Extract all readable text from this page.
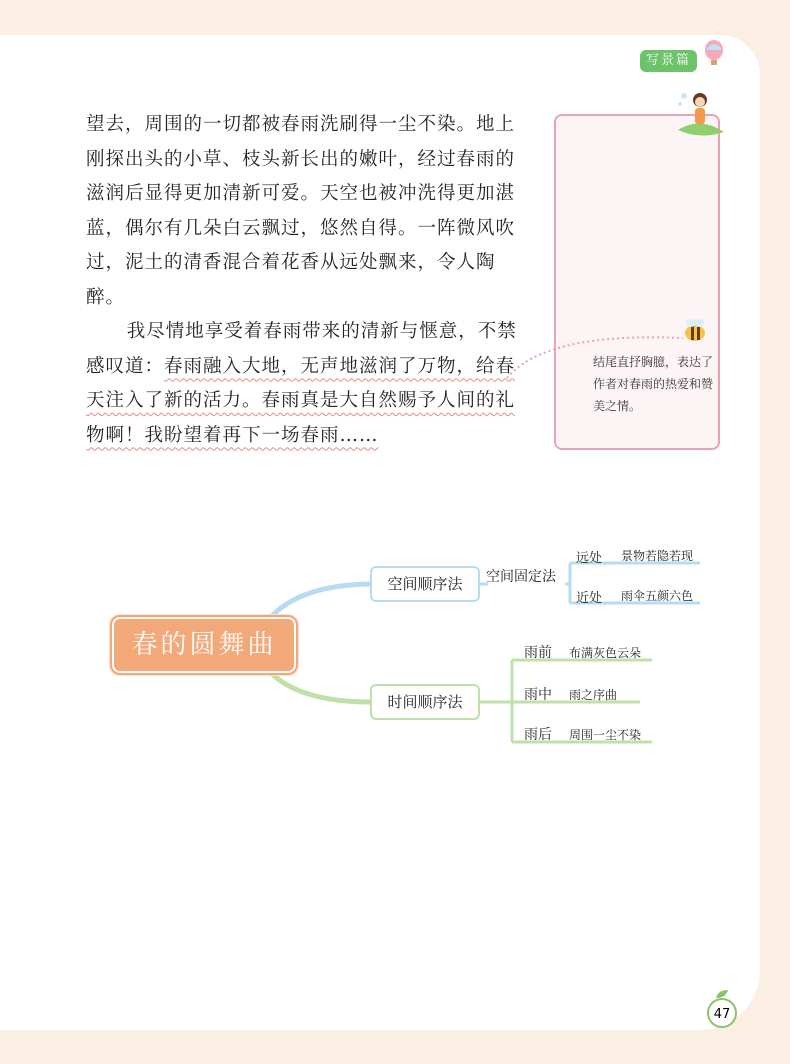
写景篇

望去，周围的一切都被春雨洗刷得一尘不染。地上刚探出头的小草、枝头新长出的嫩叶，经过春雨的滋润后显得更加清新可爱。天空也被冲洗得更加湛蓝，偶尔有几朵白云飘过，悠然自得。一阵微风吹过，泥土的清香混合着花香从远处飘来，令人陶醉。

我尽情地享受着春雨带来的清新与惬意，不禁感叹道：春雨融入大地，无声地滋润了万物，给春天注入了新的活力。春雨真是大自然赐予人间的礼物啊！我盼望着再下一场春雨……

结尾直抒胸臆，表达了作者对春雨的热爱和赞美之情。
春的圆舞曲
空间顺序法	空间固定法
远处 景物若隐若现
近处 雨伞五颜六色
时间顺序法
雨前 布满灰色云朵
雨中 雨之序曲
雨后 周围一尘不染
47
